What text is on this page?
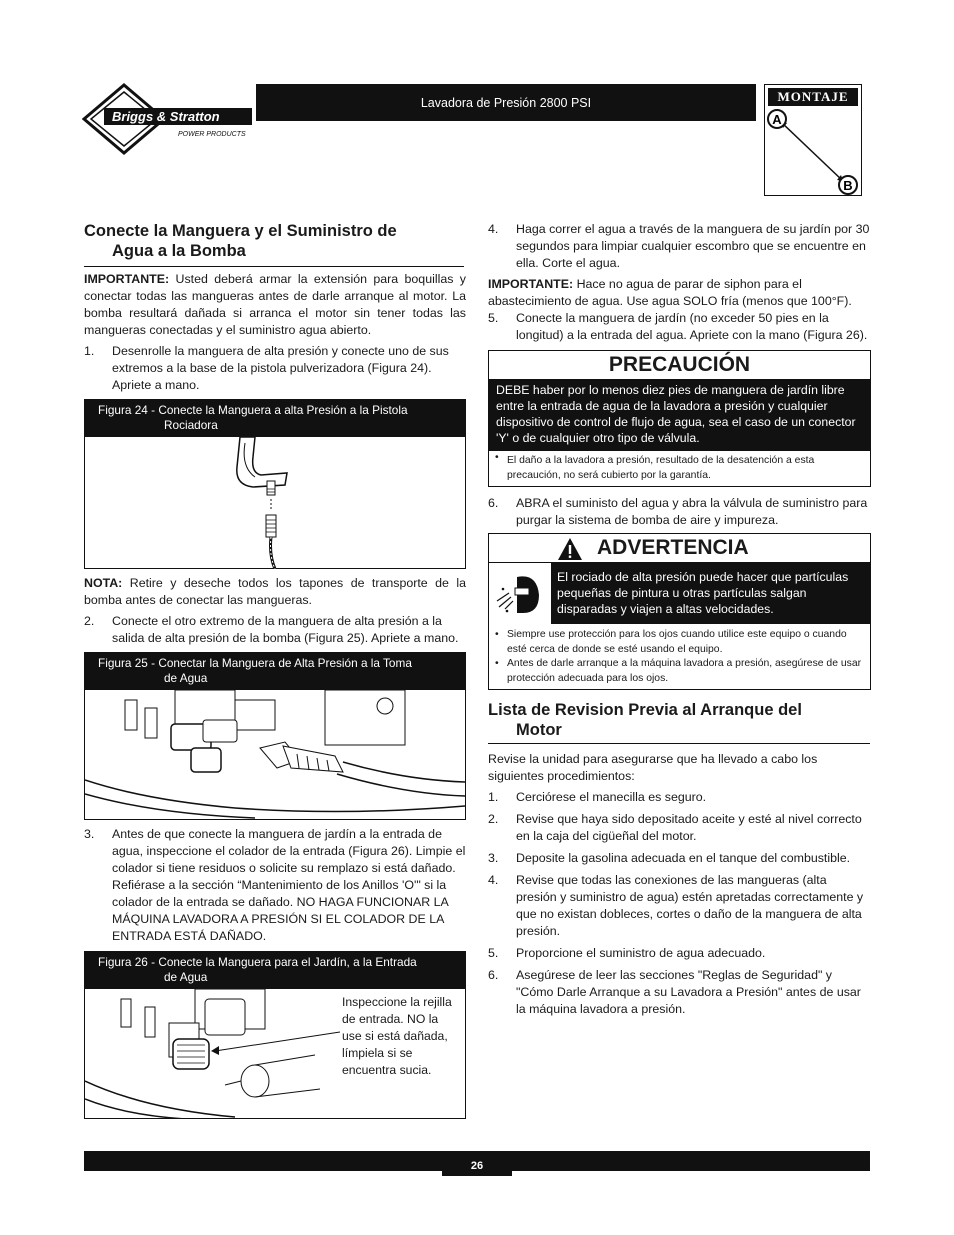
Briggs & Stratton
POWER PRODUCTS
Lavadora de Presión 2800 PSI	MONTAJE
A
B
Conecte la Manguera y el Suministro de
Agua a la Bomba

IMPORTANTE: Usted deberá armar la extensión para boquillas y conectar todas las mangueras antes de darle arranque al motor. La bomba resultará dañada si arranca el motor sin tener todas las mangueras conectadas y el suministro agua abierto.

1. Desenrolle la manguera de alta presión y conecte uno de sus extremos a la base de la pistola pulverizadora (Figura 24). Apriete a mano.
Figura 24 - Conecte la Manguera a alta Presión a la Pistola
Rociadora

NOTA: Retire y deseche todos los tapones de transporte de la bomba antes de conectar las mangueras.

2. Conecte el otro extremo de la manguera de alta presión a la salida de alta presión de la bomba (Figura 25). Apriete a mano.
Figura 25 - Conectar la Manguera de Alta Presión a la Toma
de Agua
3. Antes de que conecte la manguera de jardín a la entrada de agua, inspeccione el colador de la entrada (Figura 26). Limpie el colador si tiene residuos o solicite su remplazo si está dañado. Refiérase a la sección “Mantenimiento de los Anillos 'O'" si la colador de la entrada se dañado. NO HAGA FUNCIONAR LA MÁQUINA LAVADORA A PRESIÓN SI EL COLADOR DE LA ENTRADA ESTÁ DAÑADO.
Figura 26 - Conecte la Manguera para el Jardín, a la Entrada
de Agua
Inspeccione la rejilla de entrada. NO la use si está dañada, límpiela si se encuentra sucia.
4. Haga correr el agua a través de la manguera de su jardín por 30 segundos para limpiar cualquier escombro que se encuentre en ella. Corte el agua.

IMPORTANTE: Hace no agua de parar de siphon para el abastecimiento de agua. Use agua SOLO fría (menos que 100°F).

5. Conecte la manguera de jardín (no exceder 50 pies en la longitud) a la entrada del agua. Apriete con la mano (Figura 26).
PRECAUCIÓN
DEBE haber por lo menos diez pies de manguera de jardín libre entre la entrada de agua de la lavadora a presión y cualquier dispositivo de control de flujo de agua, sea el caso de un conector 'Y' o de cualquier otro tipo de válvula.
• El daño a la lavadora a presión, resultado de la desatención a esta precaución, no será cubierto por la garantía.
6. ABRA el suministo del agua y abra la válvula de suministro para purgar la sistema de bomba de aire y impureza.
ADVERTENCIA
El rociado de alta presión puede hacer que partículas pequeñas de pintura u otras partículas salgan disparadas y viajen a altas velocidades.
• Siempre use protección para los ojos cuando utilice este equipo o cuando esté cerca de donde se esté usando el equipo.
• Antes de darle arranque a la máquina lavadora a presión, asegúrese de usar protección adecuada para los ojos.
Lista de Revision Previa al Arranque del
Motor

Revise la unidad para asegurarse que ha llevado a cabo los siguientes procedimientos:

1. Cerciórese el manecilla es seguro.
2. Revise que haya sido depositado aceite y esté al nivel correcto en la caja del cigüeñal del motor.
3. Deposite la gasolina adecuada en el tanque del combustible.
4. Revise que todas las conexiones de las mangueras (alta presión y suministro de agua) estén apretadas correctamente y que no existan dobleces, cortes o daño de la manguera de alta presión.
5. Proporcione el suministro de agua adecuado.
6. Asegúrese de leer las secciones "Reglas de Seguridad" y "Cómo Darle Arranque a su Lavadora a Presión" antes de usar la máquina lavadora a presión.
26
